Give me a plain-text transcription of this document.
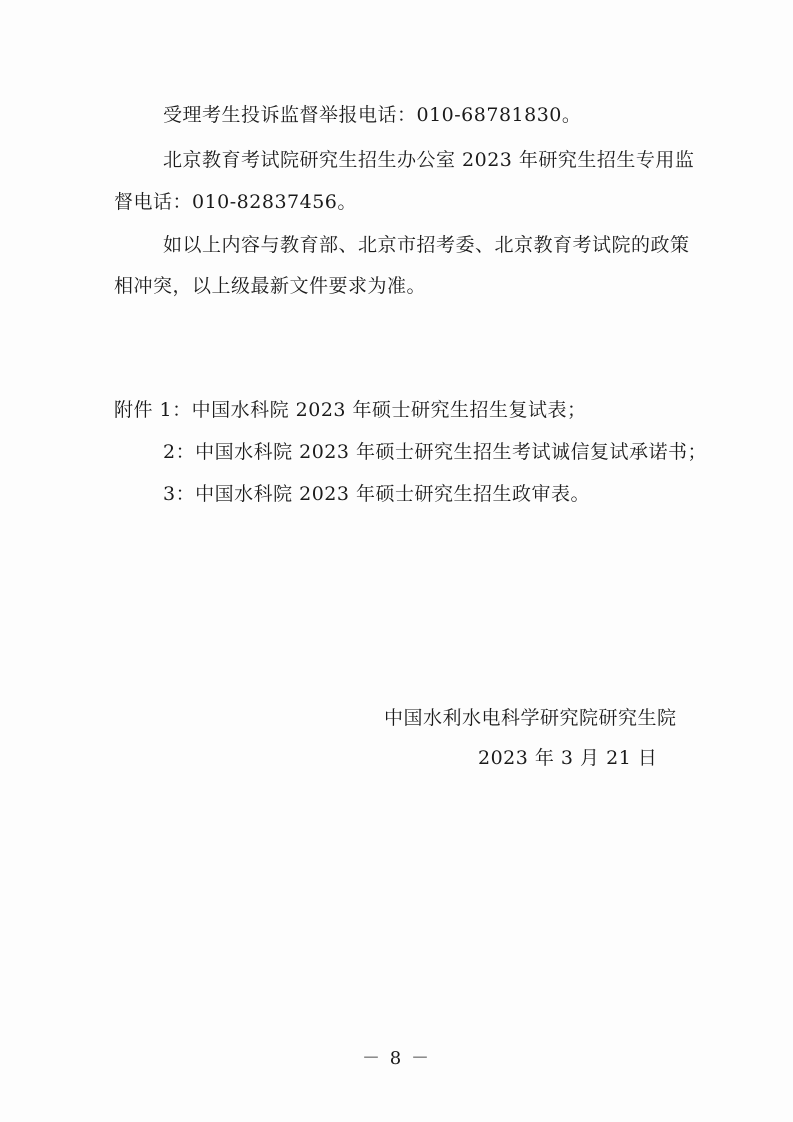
受理考生投诉监督举报电话：010-68781830。
北京教育考试院研究生招生办公室 2023 年研究生招生专用监
督电话：010-82837456。
如以上内容与教育部、北京市招考委、北京教育考试院的政策
相冲突，以上级最新文件要求为准。
附件 1：中国水科院 2023 年硕士研究生招生复试表；
2：中国水科院 2023 年硕士研究生招生考试诚信复试承诺书；
3：中国水科院 2023 年硕士研究生招生政审表。
中国水利水电科学研究院研究生院
2023 年 3 月 21 日
－ 8 －
